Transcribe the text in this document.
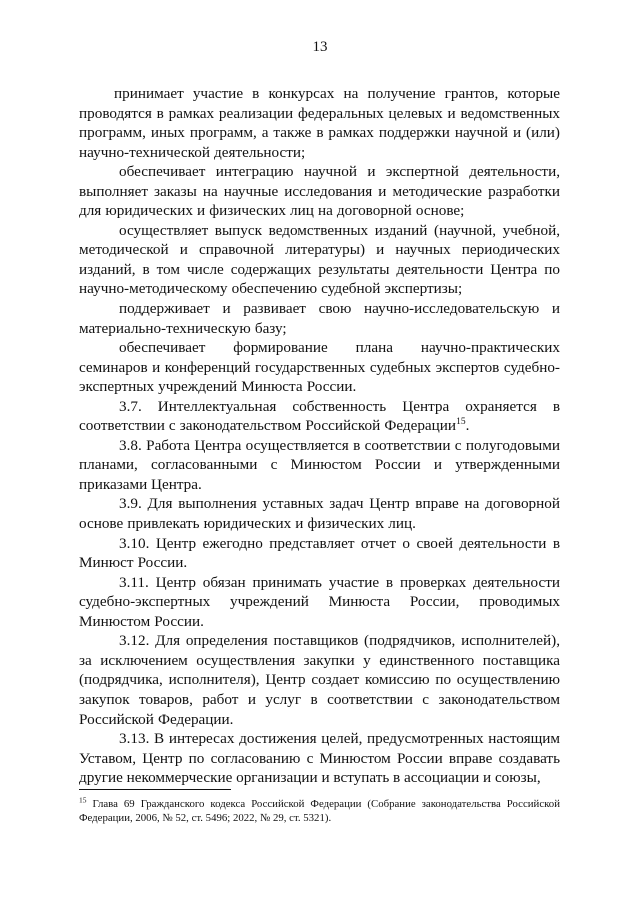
13

принимает участие в конкурсах на получение грантов, которые проводятся в рамках реализации федеральных целевых и ведомственных программ, иных программ, а также в рамках поддержки научной и (или) научно-технической деятельности;

обеспечивает интеграцию научной и экспертной деятельности, выполняет заказы на научные исследования и методические разработки для юридических и физических лиц на договорной основе;

осуществляет выпуск ведомственных изданий (научной, учебной, методической и справочной литературы) и научных периодических изданий, в том числе содержащих результаты деятельности Центра по научно-методическому обеспечению судебной экспертизы;

поддерживает и развивает свою научно-исследовательскую и материально-техническую базу;

обеспечивает формирование плана научно-практических семинаров и конференций государственных судебных экспертов судебно-экспертных учреждений Минюста России.

3.7. Интеллектуальная собственность Центра охраняется в соответствии с законодательством Российской Федерации$^{15}$.

3.8. Работа Центра осуществляется в соответствии с полугодовыми планами, согласованными с Минюстом России и утвержденными приказами Центра.

3.9. Для выполнения уставных задач Центр вправе на договорной основе привлекать юридических и физических лиц.

3.10. Центр ежегодно представляет отчет о своей деятельности в Минюст России.

3.11. Центр обязан принимать участие в проверках деятельности судебно-экспертных учреждений Минюста России, проводимых Минюстом России.

3.12. Для определения поставщиков (подрядчиков, исполнителей), за исключением осуществления закупки у единственного поставщика (подрядчика, исполнителя), Центр создает комиссию по осуществлению закупок товаров, работ и услуг в соответствии с законодательством Российской Федерации.

3.13. В интересах достижения целей, предусмотренных настоящим Уставом, Центр по согласованию с Минюстом России вправе создавать другие некоммерческие организации и вступать в ассоциации и союзы,

$^{15}$ Глава 69 Гражданского кодекса Российской Федерации (Собрание законодательства Российской Федерации, 2006, № 52, ст. 5496; 2022, № 29, ст. 5321).
